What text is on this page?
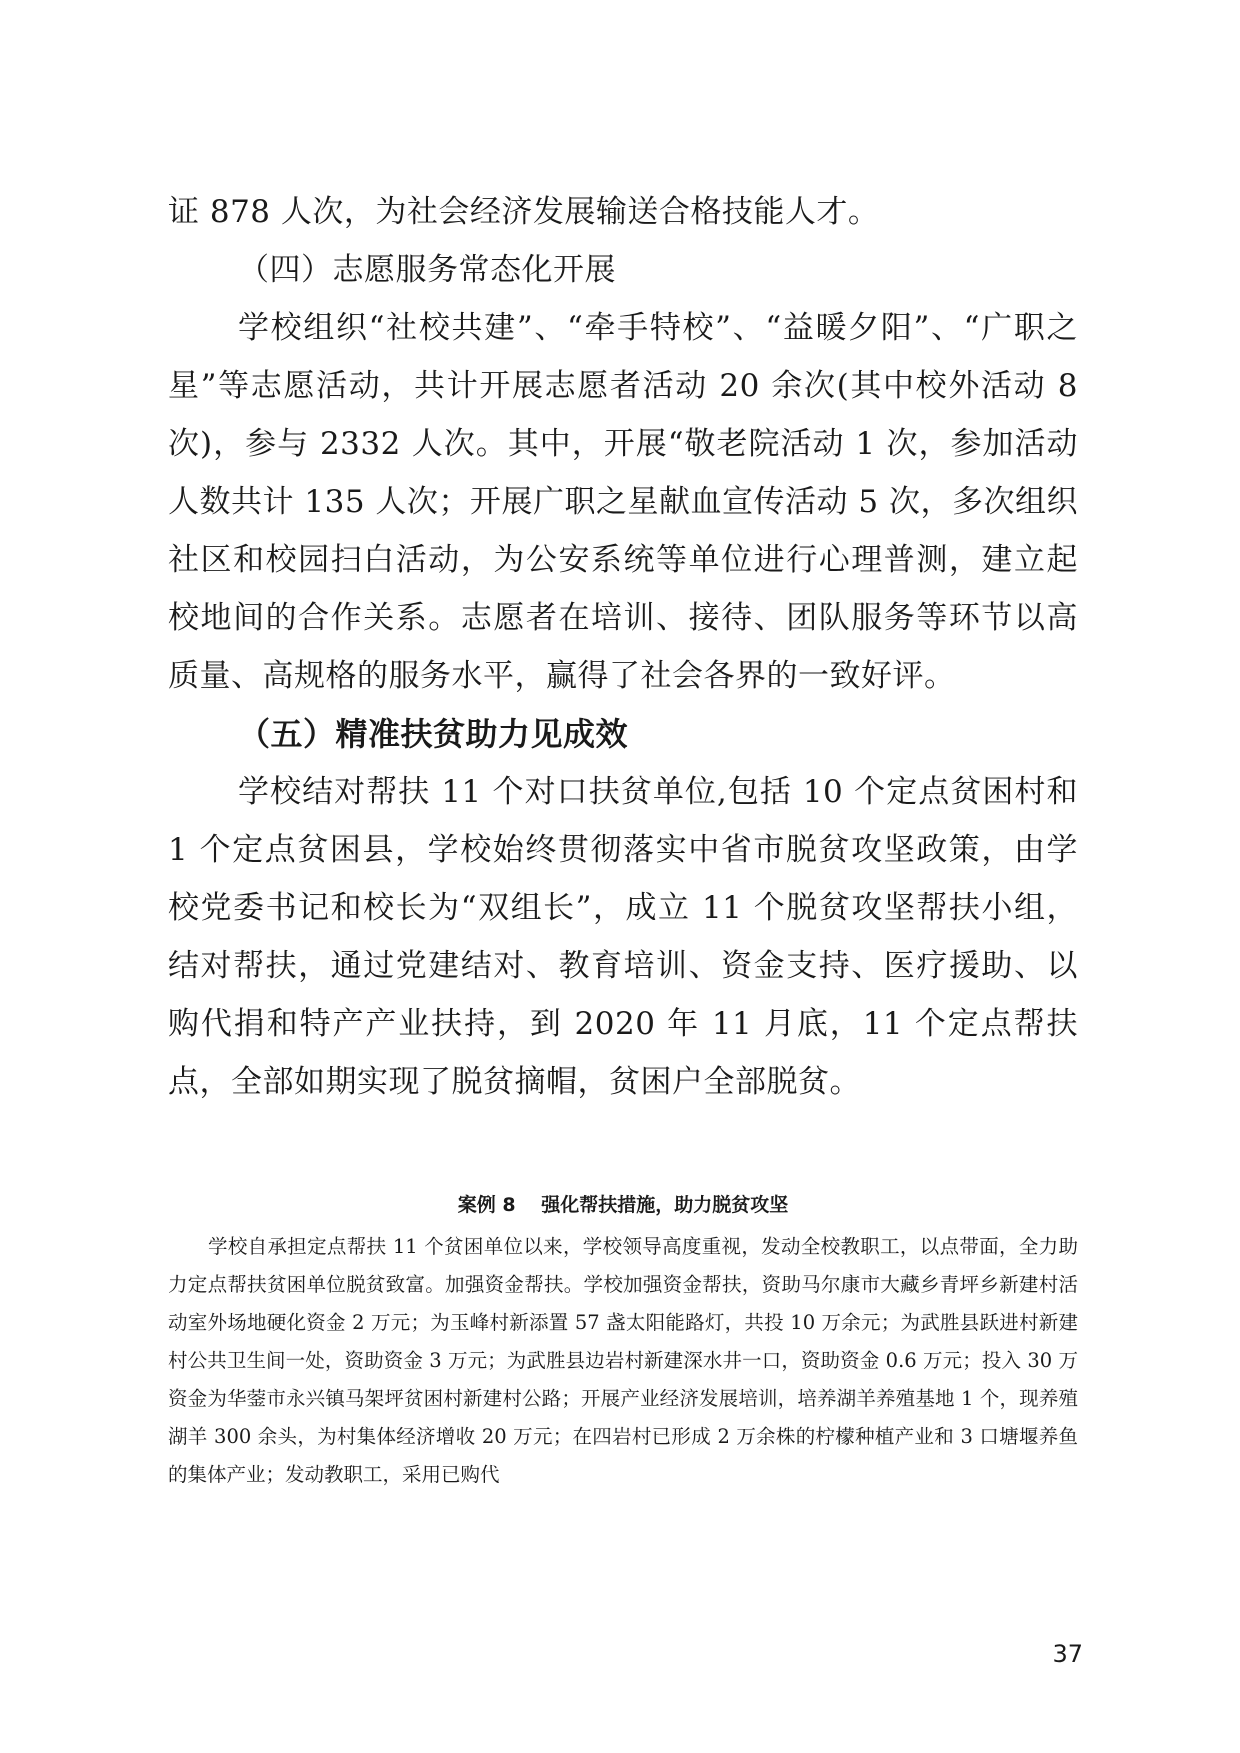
证 878 人次，为社会经济发展输送合格技能人才。

（四）志愿服务常态化开展

学校组织“社校共建”、“牵手特校”、“益暖夕阳”、“广职之星”等志愿活动，共计开展志愿者活动 20 余次(其中校外活动 8 次)，参与 2332 人次。其中，开展“敬老院活动 1 次，参加活动人数共计 135 人次；开展广职之星献血宣传活动 5 次，多次组织社区和校园扫白活动，为公安系统等单位进行心理普测，建立起校地间的合作关系。志愿者在培训、接待、团队服务等环节以高质量、高规格的服务水平，赢得了社会各界的一致好评。

（五）精准扶贫助力见成效

学校结对帮扶 11 个对口扶贫单位,包括 10 个定点贫困村和 1 个定点贫困县，学校始终贯彻落实中省市脱贫攻坚政策，由学校党委书记和校长为“双组长”，成立 11 个脱贫攻坚帮扶小组，结对帮扶，通过党建结对、教育培训、资金支持、医疗援助、以购代捐和特产产业扶持，到 2020 年 11 月底，11 个定点帮扶点，全部如期实现了脱贫摘帽，贫困户全部脱贫。

案例 8　 强化帮扶措施，助力脱贫攻坚

学校自承担定点帮扶 11 个贫困单位以来，学校领导高度重视，发动全校教职工，以点带面，全力助力定点帮扶贫困单位脱贫致富。加强资金帮扶。学校加强资金帮扶，资助马尔康市大藏乡青坪乡新建村活动室外场地硬化资金 2 万元；为玉峰村新添置 57 盏太阳能路灯，共投 10 万余元；为武胜县跃进村新建村公共卫生间一处，资助资金 3 万元；为武胜县边岩村新建深水井一口，资助资金 0.6 万元；投入 30 万资金为华蓥市永兴镇马架坪贫困村新建村公路；开展产业经济发展培训，培养湖羊养殖基地 1 个，现养殖湖羊 300 余头，为村集体经济增收 20 万元；在四岩村已形成 2 万余株的柠檬种植产业和 3 口塘堰养鱼的集体产业；发动教职工，采用已购代

37
